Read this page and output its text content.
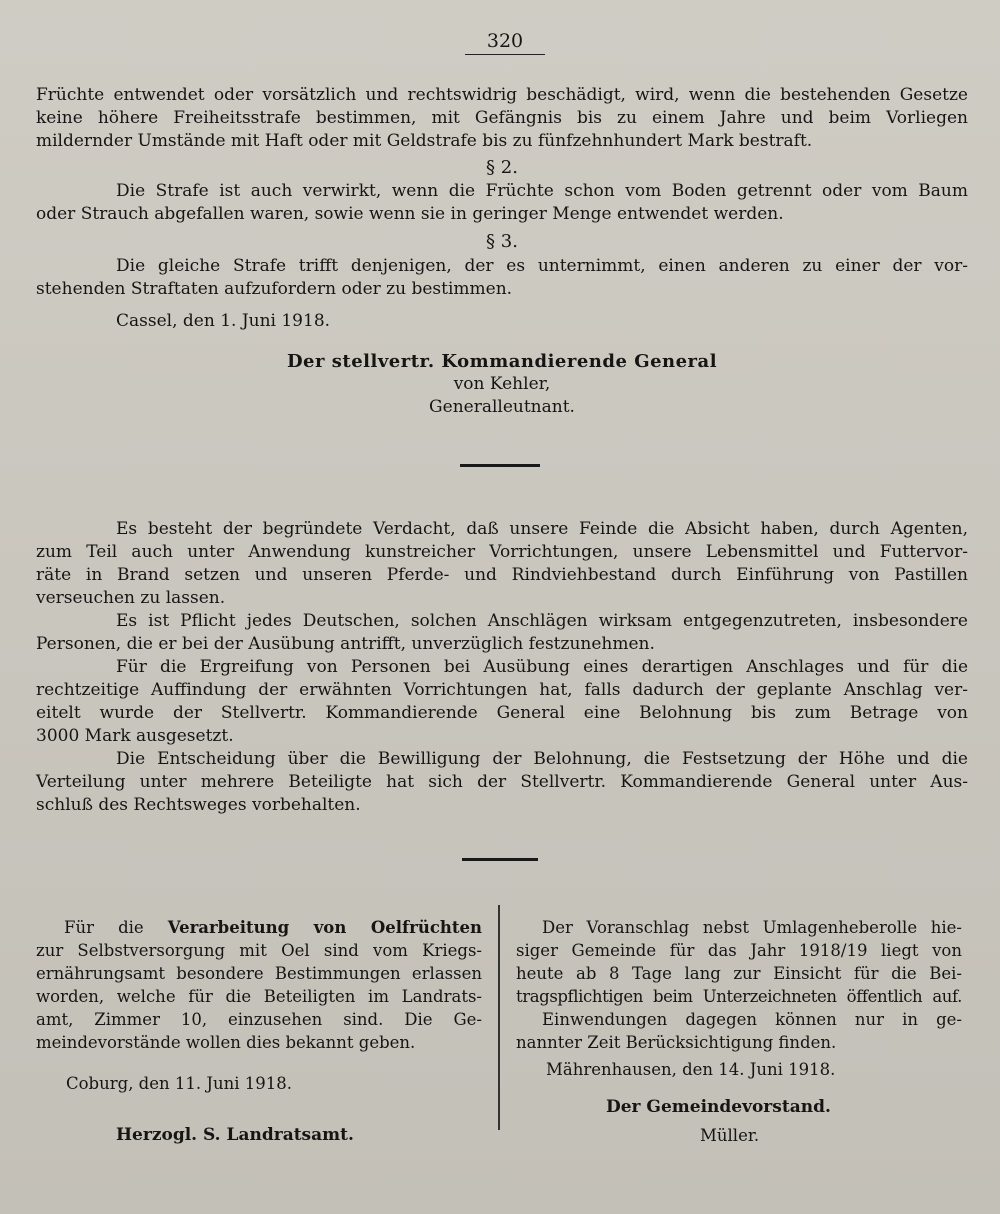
320
Früchte entwendet oder vorsätzlich und rechtswidrig beschädigt, wird, wenn die bestehenden Gesetze
keine höhere Freiheitsstrafe bestimmen, mit Gefängnis bis zu einem Jahre und beim Vorliegen
mildernder Umstände mit Haft oder mit Geldstrafe bis zu fünfzehnhundert Mark bestraft.

§ 2.

Die Strafe ist auch verwirkt, wenn die Früchte schon vom Boden getrennt oder vom Baum
oder Strauch abgefallen waren, sowie wenn sie in geringer Menge entwendet werden.

§ 3.

Die gleiche Strafe trifft denjenigen, der es unternimmt, einen anderen zu einer der vor-
stehenden Straftaten aufzufordern oder zu bestimmen.
Cassel, den 1. Juni 1918.
Der stellvertr. Kommandierende General
von Kehler,
Generalleutnant.
Es besteht der begründete Verdacht, daß unsere Feinde die Absicht haben, durch Agenten,
zum Teil auch unter Anwendung kunstreicher Vorrichtungen, unsere Lebensmittel und Futtervor-
räte in Brand setzen und unseren Pferde- und Rindviehbestand durch Einführung von Pastillen
verseuchen zu lassen.
Es ist Pflicht jedes Deutschen, solchen Anschlägen wirksam entgegenzutreten, insbesondere
Personen, die er bei der Ausübung antrifft, unverzüglich festzunehmen.
Für die Ergreifung von Personen bei Ausübung eines derartigen Anschlages und für die
rechtzeitige Auffindung der erwähnten Vorrichtungen hat, falls dadurch der geplante Anschlag ver-
eitelt wurde der Stellvertr. Kommandierende General eine Belohnung bis zum Betrage von
3000 Mark ausgesetzt.
Die Entscheidung über die Bewilligung der Belohnung, die Festsetzung der Höhe und die
Verteilung unter mehrere Beteiligte hat sich der Stellvertr. Kommandierende General unter Aus-
schluß des Rechtsweges vorbehalten.
Für die Verarbeitung von Oelfrüchten
zur Selbstversorgung mit Oel sind vom Kriegs-
ernährungsamt besondere Bestimmungen erlassen
worden, welche für die Beteiligten im Landrats-
amt, Zimmer 10, einzusehen sind. Die Ge-
meindevorstände wollen dies bekannt geben.
Coburg, den 11. Juni 1918.
Herzogl. S. Landratsamt.
Der Voranschlag nebst Umlagenheberolle hie-
siger Gemeinde für das Jahr 1918/19 liegt von
heute ab 8 Tage lang zur Einsicht für die Bei-
tragspflichtigen beim Unterzeichneten öffentlich auf.
Einwendungen dagegen können nur in ge-
nannter Zeit Berücksichtigung finden.
Mährenhausen, den 14. Juni 1918.
Der Gemeindevorstand.
Müller.
